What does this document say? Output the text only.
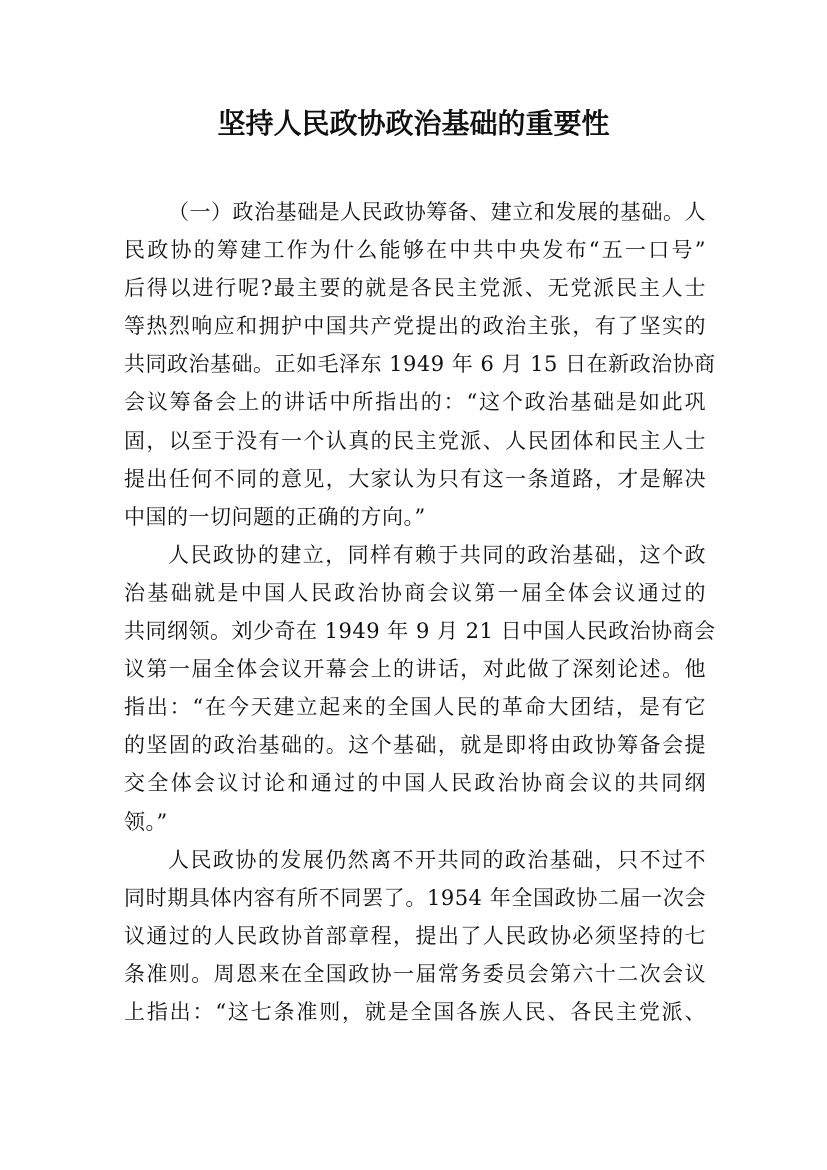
坚持人民政协政治基础的重要性
（一）政治基础是人民政协筹备、建立和发展的基础。人
民政协的筹建工作为什么能够在中共中央发布“五一口号”
后得以进行呢?最主要的就是各民主党派、无党派民主人士
等热烈响应和拥护中国共产党提出的政治主张，有了坚实的
共同政治基础。正如毛泽东 1949 年 6 月 15 日在新政治协商
会议筹备会上的讲话中所指出的：“这个政治基础是如此巩
固，以至于没有一个认真的民主党派、人民团体和民主人士
提出任何不同的意见，大家认为只有这一条道路，才是解决
中国的一切问题的正确的方向。”
人民政协的建立，同样有赖于共同的政治基础，这个政
治基础就是中国人民政治协商会议第一届全体会议通过的
共同纲领。刘少奇在 1949 年 9 月 21 日中国人民政治协商会
议第一届全体会议开幕会上的讲话，对此做了深刻论述。他
指出：“在今天建立起来的全国人民的革命大团结，是有它
的坚固的政治基础的。这个基础，就是即将由政协筹备会提
交全体会议讨论和通过的中国人民政治协商会议的共同纲
领。”
人民政协的发展仍然离不开共同的政治基础，只不过不
同时期具体内容有所不同罢了。1954 年全国政协二届一次会
议通过的人民政协首部章程，提出了人民政协必须坚持的七
条准则。周恩来在全国政协一届常务委员会第六十二次会议
上指出：“这七条准则，就是全国各族人民、各民主党派、
